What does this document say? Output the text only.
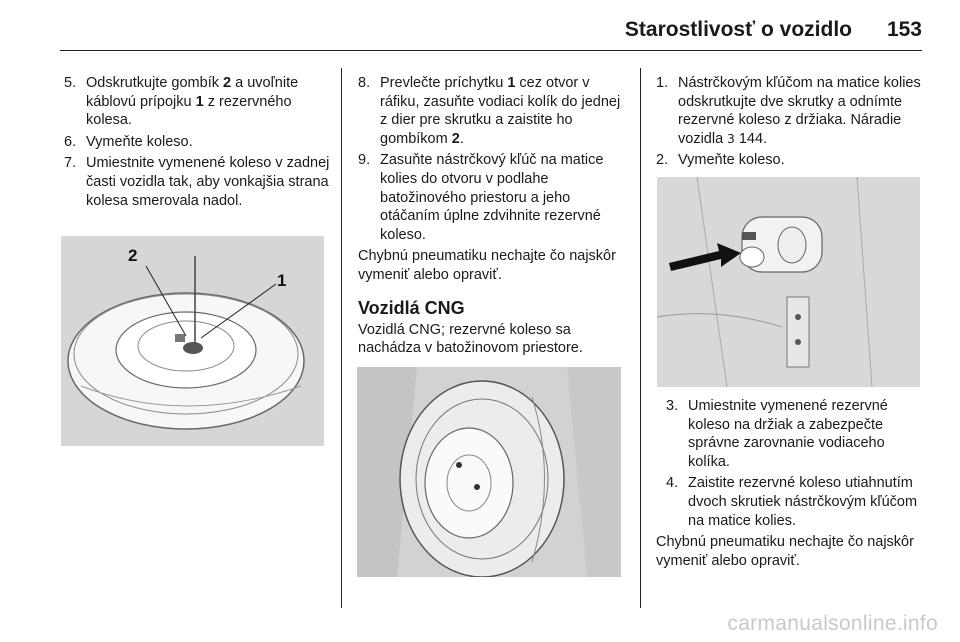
Starostlivosť o vozidlo 153
5. Odskrutkujte gombík 2 a uvoľnite káblovú prípojku 1 z rezervného kolesa.
6. Vymeňte koleso.
7. Umiestnite vymenené koleso v zadnej časti vozidla tak, aby vonkajšia strana kolesa smerovala nadol.
2
1
8. Prevlečte príchytku 1 cez otvor v ráfiku, zasuňte vodiaci kolík do jednej z dier pre skrutku a zaistite ho gombíkom 2.
9. Zasuňte nástrčkový kľúč na matice kolies do otvoru v podlahe batožinového priestoru a jeho otáčaním úplne zdvihnite rezervné koleso.
Chybnú pneumatiku nechajte čo najskôr vymeniť alebo opraviť.
Vozidlá CNG
Vozidlá CNG; rezervné koleso sa nachádza v batožinovom priestore.
1. Nástrčkovým kľúčom na matice kolies odskrutkujte dve skrutky a odnímte rezervné koleso z držiaka. Náradie vozidla 3 144.
2. Vymeňte koleso.
3. Umiestnite vymenené rezervné koleso na držiak a zabezpečte správne zarovnanie vodiaceho kolíka.
4. Zaistite rezervné koleso utiahnutím dvoch skrutiek nástrčkovým kľúčom na matice kolies.
Chybnú pneumatiku nechajte čo najskôr vymeniť alebo opraviť.
carmanualsonline.info
